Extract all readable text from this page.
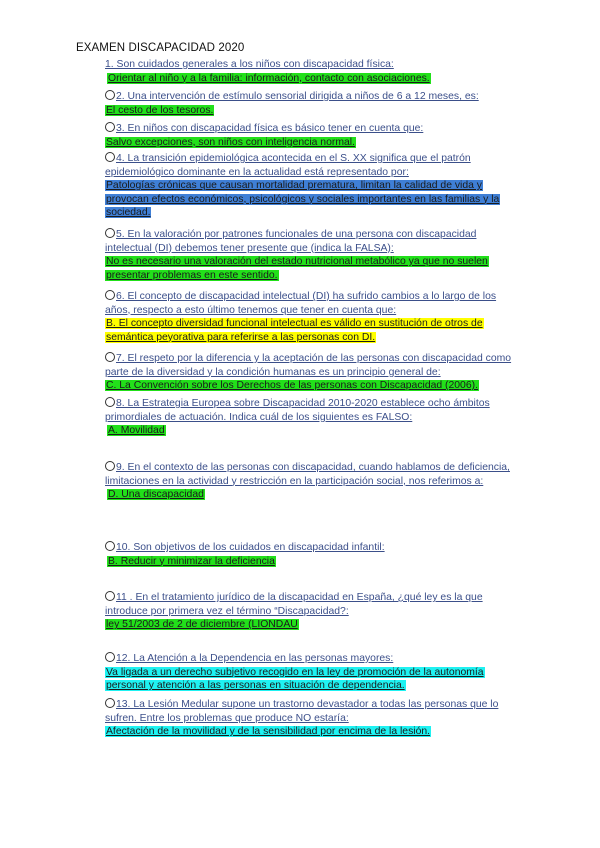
EXAMEN DISCAPACIDAD 2020
1. Son cuidados generales a los niños con discapacidad física:
Orientar al niño y a la familia: información, contacto con asociaciones.
2. Una intervención de estímulo sensorial dirigida a niños de 6 a 12 meses, es:
El cesto de los tesoros.
3. En niños con discapacidad física es básico tener en cuenta que:
Salvo excepciones, son niños con inteligencia normal.
4. La transición epidemiológica acontecida en el S. XX significa que el patrón epidemiológico dominante en la actualidad está representado por:
Patologías crónicas que causan mortalidad prematura, limitan la calidad de vida y provocan efectos económicos, psicológicos y sociales importantes en las familias y la sociedad.
5. En la valoración por patrones funcionales de una persona con discapacidad intelectual (DI) debemos tener presente que (indica la FALSA):
No es necesario una valoración del estado nutricional metabólico ya que no suelen presentar problemas en este sentido.
6. El concepto de discapacidad intelectual (DI) ha sufrido cambios a lo largo de los años, respecto a esto último tenemos que tener en cuenta que:
B. El concepto diversidad funcional intelectual es válido en sustitución de otros de semántica peyorativa para referirse a las personas con DI.
7. El respeto por la diferencia y la aceptación de las personas con discapacidad como parte de la diversidad y la condición humanas es un principio general de:
C. La Convención sobre los Derechos de las personas con Discapacidad (2006).
8. La Estrategia Europea sobre Discapacidad 2010-2020 establece ocho ámbitos primordiales de actuación. Indica cuál de los siguientes es FALSO:
A. Movilidad
9. En el contexto de las personas con discapacidad, cuando hablamos de deficiencia, limitaciones en la actividad y restricción en la participación social, nos referimos a:
D. Una discapacidad
10. Son objetivos de los cuidados en discapacidad infantil:
B. Reducir y minimizar la deficiencia
11 . En el tratamiento jurídico de la discapacidad en España, ¿qué ley es la que introduce por primera vez el término “Discapacidad?:
ley 51/2003 de 2 de diciembre (LIONDAU
12. La Atención a la Dependencia en las personas mayores:
Va ligada a un derecho subjetivo recogido en la ley de promoción de la autonomía personal y atención a las personas en situación de dependencia.
13. La Lesión Medular supone un trastorno devastador a todas las personas que lo sufren. Entre los problemas que produce NO estaría:
Afectación de la movilidad y de la sensibilidad por encima de la lesión.
